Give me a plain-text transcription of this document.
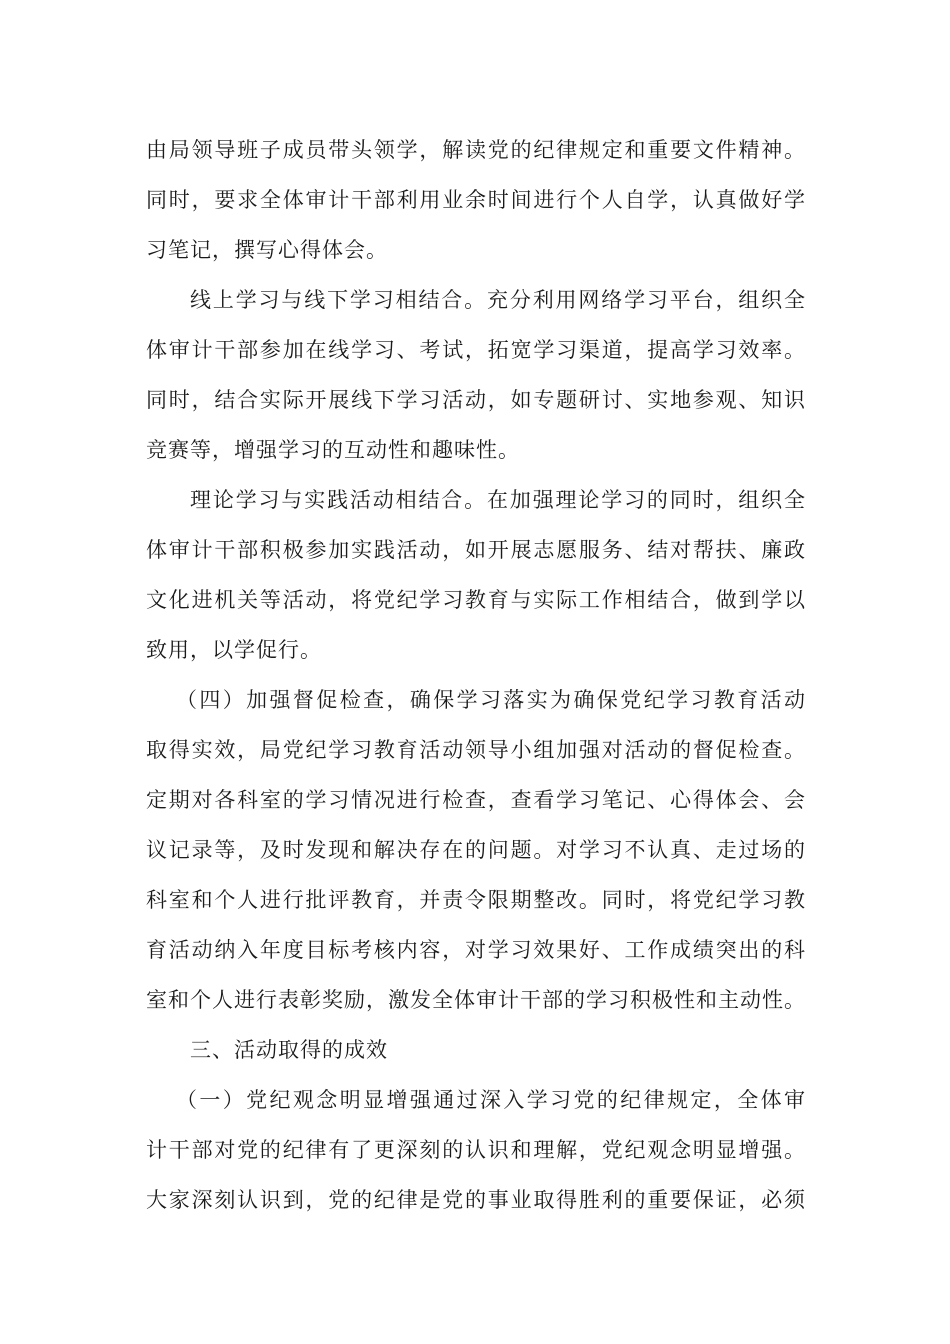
由局领导班子成员带头领学，解读党的纪律规定和重要文件精神。
同时，要求全体审计干部利用业余时间进行个人自学，认真做好学
习笔记，撰写心得体会。
线上学习与线下学习相结合。充分利用网络学习平台，组织全
体审计干部参加在线学习、考试，拓宽学习渠道，提高学习效率。
同时，结合实际开展线下学习活动，如专题研讨、实地参观、知识
竞赛等，增强学习的互动性和趣味性。
理论学习与实践活动相结合。在加强理论学习的同时，组织全
体审计干部积极参加实践活动，如开展志愿服务、结对帮扶、廉政
文化进机关等活动，将党纪学习教育与实际工作相结合，做到学以
致用，以学促行。
（四）加强督促检查，确保学习落实为确保党纪学习教育活动
取得实效，局党纪学习教育活动领导小组加强对活动的督促检查。
定期对各科室的学习情况进行检查，查看学习笔记、心得体会、会
议记录等，及时发现和解决存在的问题。对学习不认真、走过场的
科室和个人进行批评教育，并责令限期整改。同时，将党纪学习教
育活动纳入年度目标考核内容，对学习效果好、工作成绩突出的科
室和个人进行表彰奖励，激发全体审计干部的学习积极性和主动性。
三、活动取得的成效
（一）党纪观念明显增强通过深入学习党的纪律规定，全体审
计干部对党的纪律有了更深刻的认识和理解，党纪观念明显增强。
大家深刻认识到，党的纪律是党的事业取得胜利的重要保证，必须
